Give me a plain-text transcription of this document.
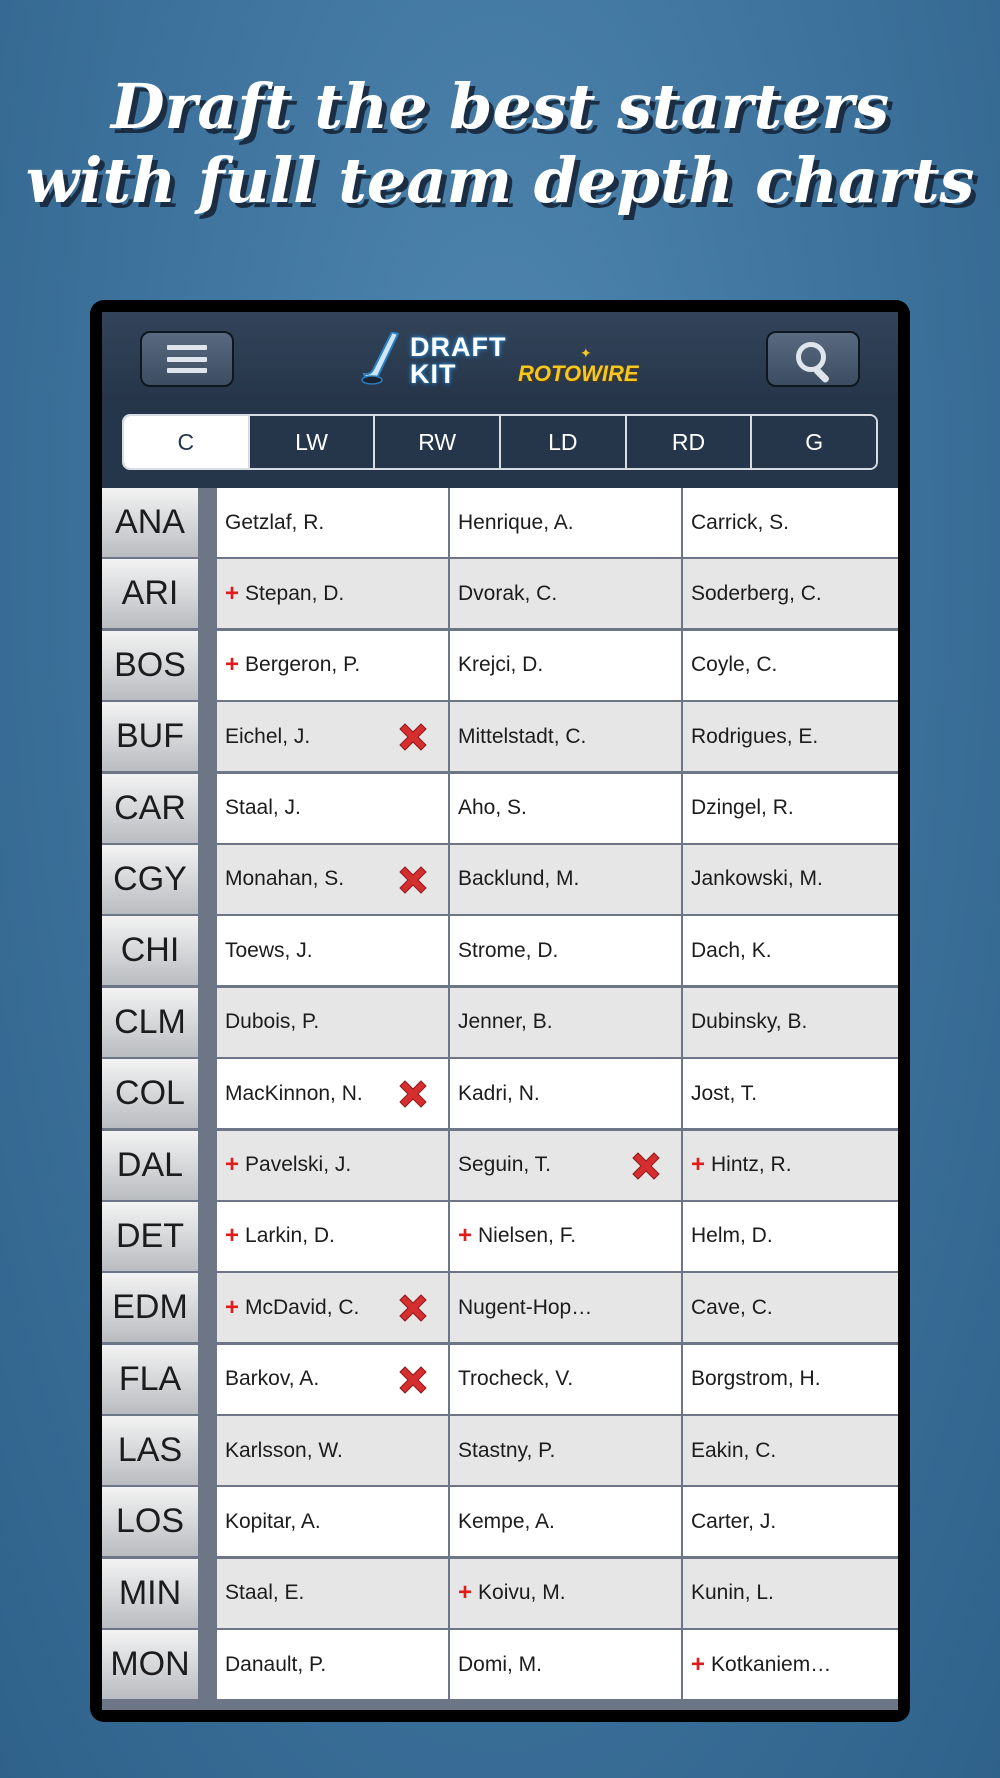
Draft the best starters
with full team depth charts
DRAFT
KIT
✦
ROTOWIRE
C	LW	RW	LD	RD	G
ANA	Getzlaf, R.	Henrique, A.	Carrick, S.
ARI	+ Stepan, D.	Dvorak, C.	Soderberg, C.
BOS	+ Bergeron, P.	Krejci, D.	Coyle, C.
BUF	Eichel, J.	Mittelstadt, C.	Rodrigues, E.
CAR	Staal, J.	Aho, S.	Dzingel, R.
CGY	Monahan, S.	Backlund, M.	Jankowski, M.
CHI	Toews, J.	Strome, D.	Dach, K.
CLM	Dubois, P.	Jenner, B.	Dubinsky, B.
COL	MacKinnon, N.	Kadri, N.	Jost, T.
DAL	+ Pavelski, J.	Seguin, T.	+ Hintz, R.
DET	+ Larkin, D.	+ Nielsen, F.	Helm, D.
EDM	+ McDavid, C.	Nugent-Hop…	Cave, C.
FLA	Barkov, A.	Trocheck, V.	Borgstrom, H.
LAS	Karlsson, W.	Stastny, P.	Eakin, C.
LOS	Kopitar, A.	Kempe, A.	Carter, J.
MIN	Staal, E.	+ Koivu, M.	Kunin, L.
MON	Danault, P.	Domi, M.	+ Kotkaniem…
